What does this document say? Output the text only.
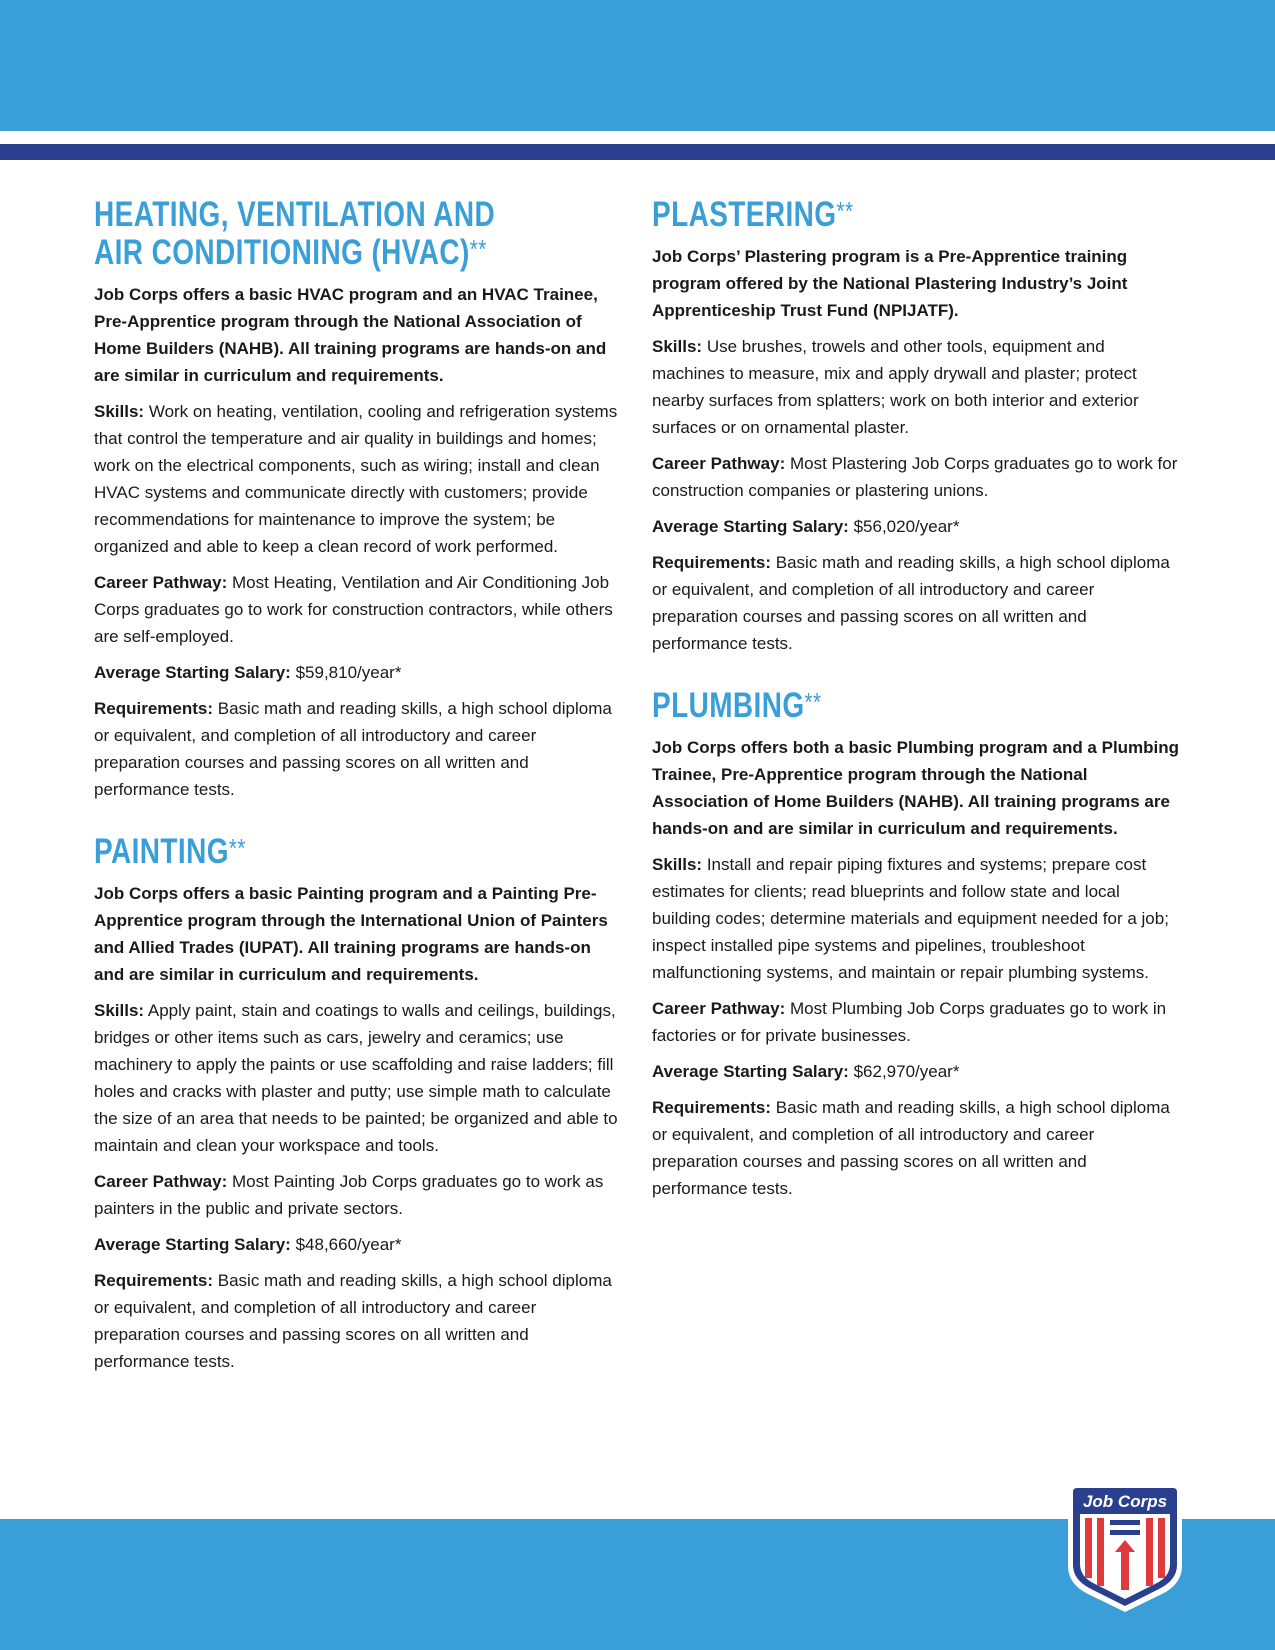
HEATING, VENTILATION AND
AIR CONDITIONING (HVAC)**

Job Corps offers a basic HVAC program and an HVAC Trainee, Pre-Apprentice program through the National Association of Home Builders (NAHB). All training programs are hands-on and are similar in curriculum and requirements.

Skills: Work on heating, ventilation, cooling and refrigeration systems that control the temperature and air quality in buildings and homes; work on the electrical components, such as wiring; install and clean HVAC systems and communicate directly with customers; provide recommendations for maintenance to improve the system; be organized and able to keep a clean record of work performed.

Career Pathway: Most Heating, Ventilation and Air Conditioning Job Corps graduates go to work for construction contractors, while others are self-employed.

Average Starting Salary: $59,810/year*

Requirements: Basic math and reading skills, a high school diploma or equivalent, and completion of all introductory and career preparation courses and passing scores on all written and performance tests.

PAINTING**

Job Corps offers a basic Painting program and a Painting Pre-Apprentice program through the International Union of Painters and Allied Trades (IUPAT). All training programs are hands-on and are similar in curriculum and requirements.

Skills: Apply paint, stain and coatings to walls and ceilings, buildings, bridges or other items such as cars, jewelry and ceramics; use machinery to apply the paints or use scaffolding and raise ladders; fill holes and cracks with plaster and putty; use simple math to calculate the size of an area that needs to be painted; be organized and able to maintain and clean your workspace and tools.

Career Pathway: Most Painting Job Corps graduates go to work as painters in the public and private sectors.

Average Starting Salary: $48,660/year*

Requirements: Basic math and reading skills, a high school diploma or equivalent, and completion of all introductory and career preparation courses and passing scores on all written and performance tests.

PLASTERING**

Job Corps’ Plastering program is a Pre-Apprentice training program offered by the National Plastering Industry’s Joint Apprenticeship Trust Fund (NPIJATF).

Skills: Use brushes, trowels and other tools, equipment and machines to measure, mix and apply drywall and plaster; protect nearby surfaces from splatters; work on both interior and exterior surfaces or on ornamental plaster.

Career Pathway: Most Plastering Job Corps graduates go to work for construction companies or plastering unions.

Average Starting Salary: $56,020/year*

Requirements: Basic math and reading skills, a high school diploma or equivalent, and completion of all introductory and career preparation courses and passing scores on all written and performance tests.

PLUMBING**

Job Corps offers both a basic Plumbing program and a Plumbing Trainee, Pre-Apprentice program through the National Association of Home Builders (NAHB). All training programs are hands-on and are similar in curriculum and requirements.

Skills: Install and repair piping fixtures and systems; prepare cost estimates for clients; read blueprints and follow state and local building codes; determine materials and equipment needed for a job; inspect installed pipe systems and pipelines, troubleshoot malfunctioning systems, and maintain or repair plumbing systems.

Career Pathway: Most Plumbing Job Corps graduates go to work in factories or for private businesses.

Average Starting Salary: $62,970/year*

Requirements: Basic math and reading skills, a high school diploma or equivalent, and completion of all introductory and career preparation courses and passing scores on all written and performance tests.

Job Corps
